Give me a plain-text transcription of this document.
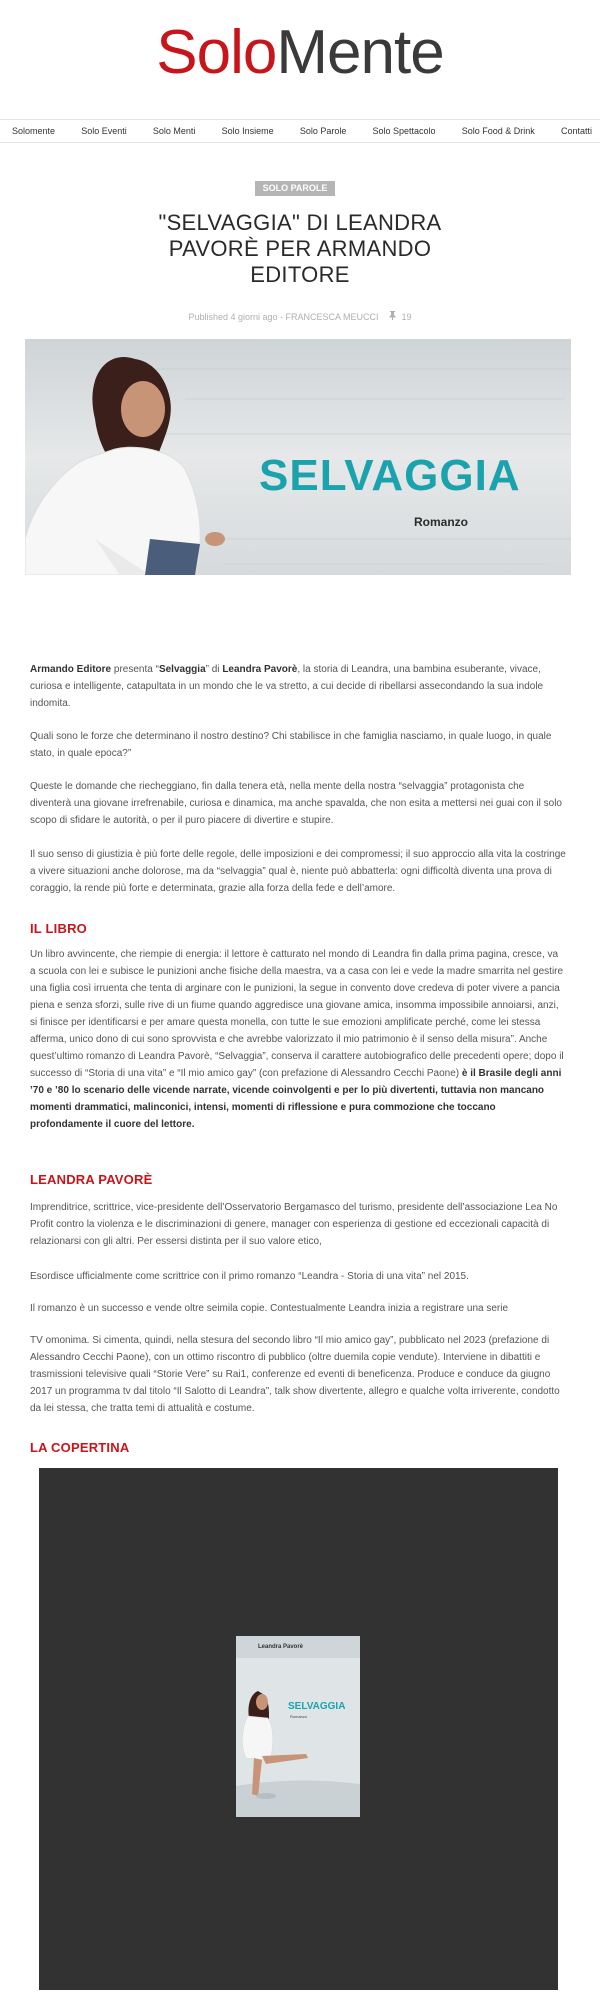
SoloMente
Solomente	Solo Eventi	Solo Menti	Solo Insieme	Solo Parole	Solo Spettacolo	Solo Food & Drink	Contatti
SOLO PAROLE
"SELVAGGIA" DI LEANDRA PAVORÈ PER ARMANDO EDITORE
Published 4 giorni ago - FRANCESCA MEUCCI	19
SELVAGGIA
Romanzo

Armando Editore presenta “Selvaggia” di Leandra Pavorè, la storia di Leandra, una bambina esuberante, vivace, curiosa e intelligente, catapultata in un mondo che le va stretto, a cui decide di ribellarsi assecondando la sua indole indomita.

Quali sono le forze che determinano il nostro destino? Chi stabilisce in che famiglia nasciamo, in quale luogo, in quale stato, in quale epoca?”

Queste le domande che riecheggiano, fin dalla tenera età, nella mente della nostra “selvaggia” protagonista che diventerà una giovane irrefrenabile, curiosa e dinamica, ma anche spavalda, che non esita a mettersi nei guai con il solo scopo di sfidare le autorità, o per il puro piacere di divertire e stupire.

Il suo senso di giustizia è più forte delle regole, delle imposizioni e dei compromessi; il suo approccio alla vita la costringe a vivere situazioni anche dolorose, ma da “selvaggia” qual è, niente può abbatterla: ogni difficoltà diventa una prova di coraggio, la rende più forte e determinata, grazie alla forza della fede e dell’amore.

IL LIBRO

Un libro avvincente, che riempie di energia: il lettore è catturato nel mondo di Leandra fin dalla prima pagina, cresce, va a scuola con lei e subisce le punizioni anche fisiche della maestra, va a casa con lei e vede la madre smarrita nel gestire una figlia così irruenta che tenta di arginare con le punizioni, la segue in convento dove credeva di poter vivere a pancia piena e senza sforzi, sulle rive di un fiume quando aggredisce una giovane amica, insomma impossibile annoiarsi, anzi, si finisce per identificarsi e per amare questa monella, con tutte le sue emozioni amplificate perché, come lei stessa afferma, unico dono di cui sono sprovvista e che avrebbe valorizzato il mio patrimonio è il senso della misura”. Anche quest’ultimo romanzo di Leandra Pavorè, “Selvaggia”, conserva il carattere autobiografico delle precedenti opere; dopo il successo di “Storia di una vita” e “Il mio amico gay” (con prefazione di Alessandro Cecchi Paone) è il Brasile degli anni ’70 e ’80 lo scenario delle vicende narrate, vicende coinvolgenti e per lo più divertenti, tuttavia non mancano momenti drammatici, malinconici, intensi, momenti di riflessione e pura commozione che toccano profondamente il cuore del lettore.

LEANDRA PAVORÈ

Imprenditrice, scrittrice, vice-presidente dell’Osservatorio Bergamasco del turismo, presidente dell’associazione Lea No Profit contro la violenza e le discriminazioni di genere, manager con esperienza di gestione ed eccezionali capacità di relazionarsi con gli altri. Per essersi distinta per il suo valore etico,

Esordisce ufficialmente come scrittrice con il primo romanzo “Leandra - Storia di una vita” nel 2015.

Il romanzo è un successo e vende oltre seimila copie. Contestualmente Leandra inizia a registrare una serie

TV omonima. Si cimenta, quindi, nella stesura del secondo libro “Il mio amico gay”, pubblicato nel 2023 (prefazione di Alessandro Cecchi Paone), con un ottimo riscontro di pubblico (oltre duemila copie vendute). Interviene in dibattiti e trasmissioni televisive quali “Storie Vere” su Rai1, conferenze ed eventi di beneficenza. Produce e conduce da giugno 2017 un programma tv dal titolo “Il Salotto di Leandra”, talk show divertente, allegro e qualche volta irriverente, condotto da lei stessa, che tratta temi di attualità e costume.

LA COPERTINA
Leandra Pavorè
SELVAGGIA
Romanzo
